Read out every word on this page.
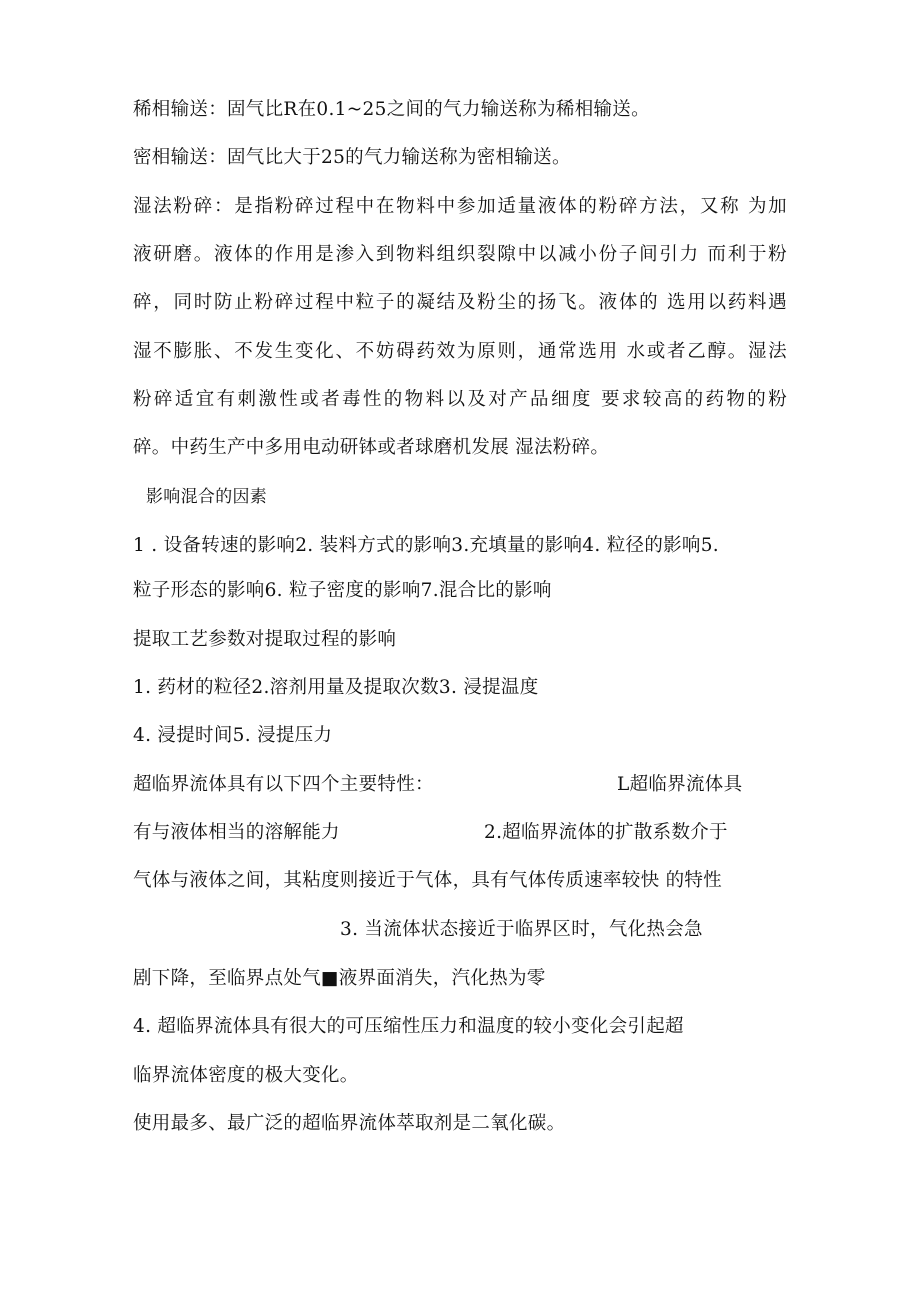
稀相输送：固气比R在0.1~25之间的气力输送称为稀相输送。
密相输送：固气比大于25的气力输送称为密相输送。
湿法粉碎：是指粉碎过程中在物料中参加适量液体的粉碎方法，又称 为加
液研磨。液体的作用是渗入到物料组织裂隙中以减小份子间引力 而利于粉
碎，同时防止粉碎过程中粒子的凝结及粉尘的扬飞。液体的 选用以药料遇
湿不膨胀、不发生变化、不妨碍药效为原则，通常选用 水或者乙醇。湿法
粉碎适宜有刺激性或者毒性的物料以及对产品细度 要求较高的药物的粉
碎。中药生产中多用电动研钵或者球磨机发展 湿法粉碎。
影响混合的因素
1 . 设备转速的影响2. 装料方式的影响3.充填量的影响4. 粒径的影响5.
粒子形态的影响6. 粒子密度的影响7.混合比的影响
提取工艺参数对提取过程的影响
1. 药材的粒径2.溶剂用量及提取次数3. 浸提温度
4. 浸提时间5. 浸提压力
超临界流体具有以下四个主要特性：	L超临界流体具
有与液体相当的溶解能力	2.超临界流体的扩散系数介于
气体与液体之间，其粘度则接近于气体，具有气体传质速率较快 的特性
3. 当流体状态接近于临界区时，气化热会急
剧下降，至临界点处气■液界面消失，汽化热为零
4. 超临界流体具有很大的可压缩性压力和温度的较小变化会引起超
临界流体密度的极大变化。
使用最多、最广泛的超临界流体萃取剂是二氧化碳。
